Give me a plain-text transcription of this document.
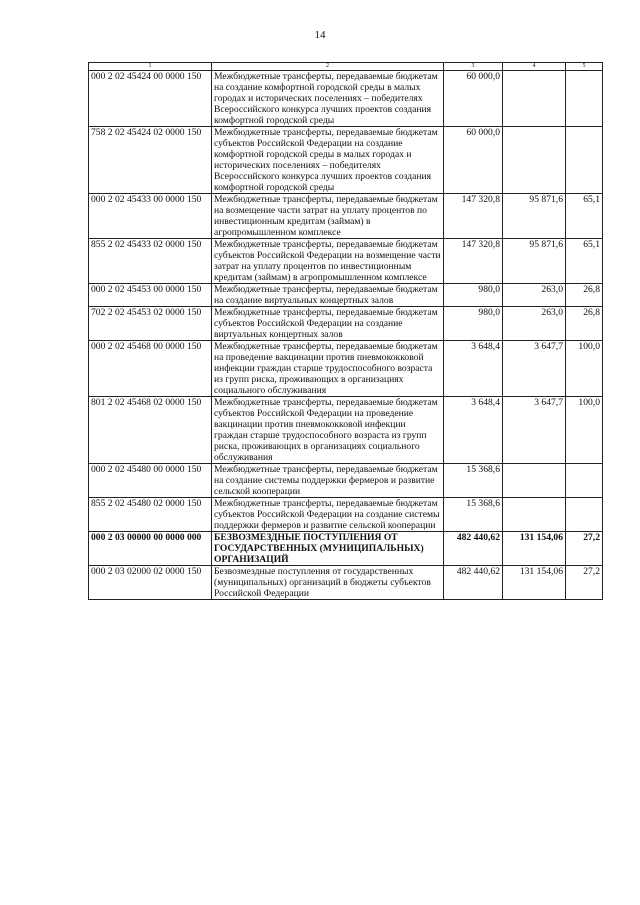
14
1	2	3	4	5
000 2 02 45424 00 0000 150	Межбюджетные трансферты, передаваемые бюджетам на создание комфортной городской среды в малых городах и исторических поселениях – победителях Всероссийского конкурса лучших проектов создания комфортной городской среды	60 000,0		
758 2 02 45424 02 0000 150	Межбюджетные трансферты, передаваемые бюджетам субъектов Российской Федерации на создание комфортной городской среды в малых городах и исторических поселениях – победителях Всероссийского конкурса лучших проектов создания комфортной городской среды	60 000,0		
000 2 02 45433 00 0000 150	Межбюджетные трансферты, передаваемые бюджетам на возмещение части затрат на уплату процентов по инвестиционным кредитам (займам) в агропромышленном комплексе	147 320,8	95 871,6	65,1
855 2 02 45433 02 0000 150	Межбюджетные трансферты, передаваемые бюджетам субъектов Российской Федерации на возмещение части затрат на уплату процентов по инвестиционным кредитам (займам) в агропромышленном комплексе	147 320,8	95 871,6	65,1
000 2 02 45453 00 0000 150	Межбюджетные трансферты, передаваемые бюджетам на создание виртуальных концертных залов	980,0	263,0	26,8
702 2 02 45453 02 0000 150	Межбюджетные трансферты, передаваемые бюджетам субъектов Российской Федерации на создание виртуальных концертных залов	980,0	263,0	26,8
000 2 02 45468 00 0000 150	Межбюджетные трансферты, передаваемые бюджетам на проведение вакцинации против пневмококковой инфекции граждан старше трудоспособного возраста из групп риска, проживающих в организациях социального обслуживания	3 648,4	3 647,7	100,0
801 2 02 45468 02 0000 150	Межбюджетные трансферты, передаваемые бюджетам субъектов Российской Федерации на проведение вакцинации против пневмококковой инфекции граждан старше трудоспособного возраста из групп риска, проживающих в организациях социального обслуживания	3 648,4	3 647,7	100,0
000 2 02 45480 00 0000 150	Межбюджетные трансферты, передаваемые бюджетам на создание системы поддержки фермеров и развитие сельской кооперации	15 368,6		
855 2 02 45480 02 0000 150	Межбюджетные трансферты, передаваемые бюджетам субъектов Российской Федерации на создание системы поддержки фермеров и развитие сельской кооперации	15 368,6		
000 2 03 00000 00 0000 000	БЕЗВОЗМЕЗДНЫЕ ПОСТУПЛЕНИЯ ОТ ГОСУДАРСТВЕННЫХ (МУНИЦИПАЛЬНЫХ) ОРГАНИЗАЦИЙ	482 440,62	131 154,06	27,2
000 2 03 02000 02 0000 150	Безвозмездные поступления от государственных (муниципальных) организаций в бюджеты субъектов Российской Федерации	482 440,62	131 154,06	27,2
